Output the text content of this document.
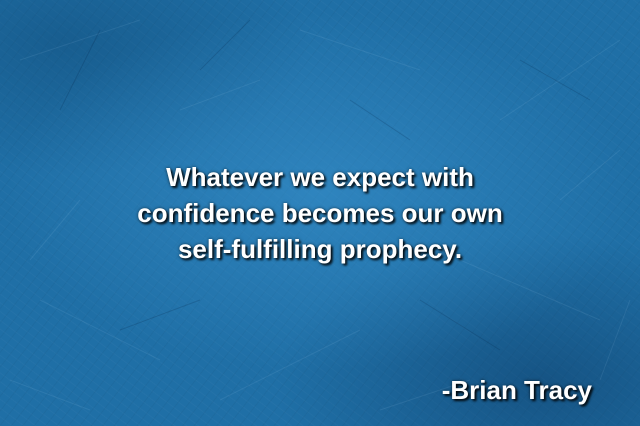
Whatever we expect with
confidence becomes our own
self-fulfilling prophecy.
-Brian Tracy
